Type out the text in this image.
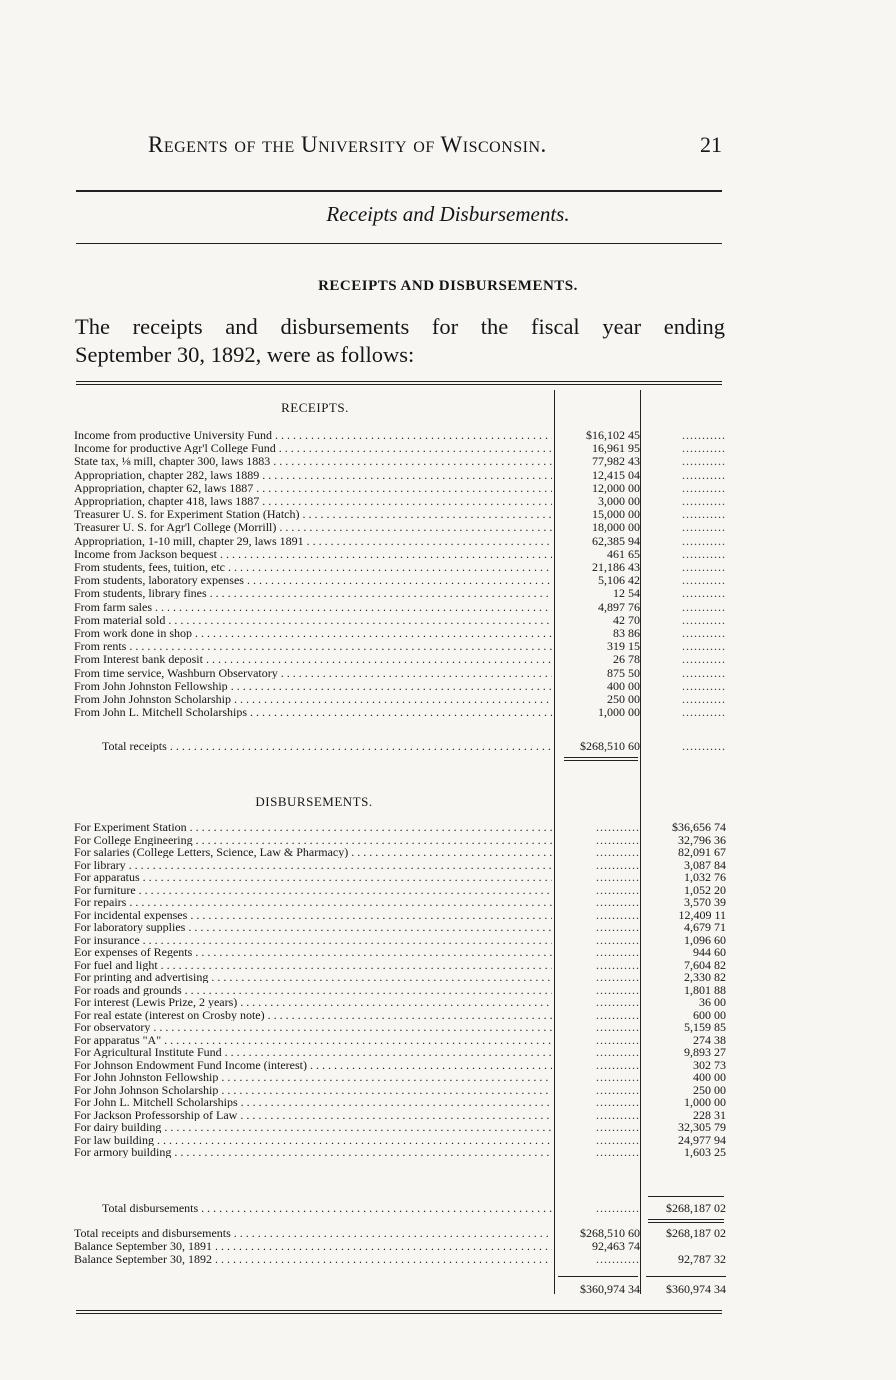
Regents of the University of Wisconsin.	21
Receipts and Disbursements.
RECEIPTS AND DISBURSEMENTS.
The receipts and disbursements for the fiscal year ending
September 30, 1892, were as follows:
RECEIPTS.
Income from productive University Fund . . .	$16,102 45	...........
Income for productive Agr'l College Fund . . .	16,961 95	...........
State tax, ⅛ mill, chapter 300, laws 1883 . . .	77,982 43	...........
Appropriation, chapter 282, laws 1889 . . .	12,415 04	...........
Appropriation, chapter 62, laws 1887 . . .	12,000 00	...........
Appropriation, chapter 418, laws 1887 . . .	3,000 00	...........
Treasurer U. S. for Experiment Station (Hatch) . . .	15,000 00	...........
Treasurer U. S. for Agr'l College (Morrill) . . .	18,000 00	...........
Appropriation, 1-10 mill, chapter 29, laws 1891 . . .	62,385 94	...........
Income from Jackson bequest . . .	461 65	...........
From students, fees, tuition, etc . . .	21,186 43	...........
From students, laboratory expenses . . .	5,106 42	...........
From students, library fines . . .	12 54	...........
From farm sales . . .	4,897 76	...........
From material sold . . .	42 70	...........
From work done in shop . . .	83 86	...........
From rents . . .	319 15	...........
From Interest bank deposit . . .	26 78	...........
From time service, Washburn Observatory . . .	875 50	...........
From John Johnston Fellowship . . .	400 00	...........
From John Johnston Scholarship . . .	250 00	...........
From John L. Mitchell Scholarships . . .	1,000 00	...........
Total receipts . . .	$268,510 60	...........
DISBURSEMENTS.
For Experiment Station . . .	...........	$36,656 74
For College Engineering . . .	...........	32,796 36
For salaries (College Letters, Science, Law & Pharmacy) . . .	...........	82,091 67
For library . . .	...........	3,087 84
For apparatus . . .	...........	1,032 76
For furniture . . .	...........	1,052 20
For repairs . . .	...........	3,570 39
For incidental expenses . . .	...........	12,409 11
For laboratory supplies . . .	...........	4,679 71
For insurance . . .	...........	1,096 60
Eor expenses of Regents . . .	...........	944 60
For fuel and light . . .	...........	7,604 82
For printing and advertising . . .	...........	2,330 82
For roads and grounds . . .	...........	1,801 88
For interest (Lewis Prize, 2 years) . . .	...........	36 00
For real estate (interest on Crosby note) . . .	...........	600 00
For observatory . . .	...........	5,159 85
For apparatus "A" . . .	...........	274 38
For Agricultural Institute Fund . . .	...........	9,893 27
For Johnson Endowment Fund Income (interest) . . .	...........	302 73
For John Johnston Fellowship . . .	...........	400 00
For John Johnson Scholarship . . .	...........	250 00
For John L. Mitchell Scholarships . . .	...........	1,000 00
For Jackson Professorship of Law . . .	...........	228 31
For dairy building . . .	...........	32,305 79
For law building . . .	...........	24,977 94
For armory building . . .	...........	1,603 25
Total disbursements . . .	...........	$268,187 02
Total receipts and disbursements . . .	$268,510 60	$268,187 02
Balance September 30, 1891 . . .	92,463 74
Balance September 30, 1892 . . .	...........	92,787 32
$360,974 34	$360,974 34
